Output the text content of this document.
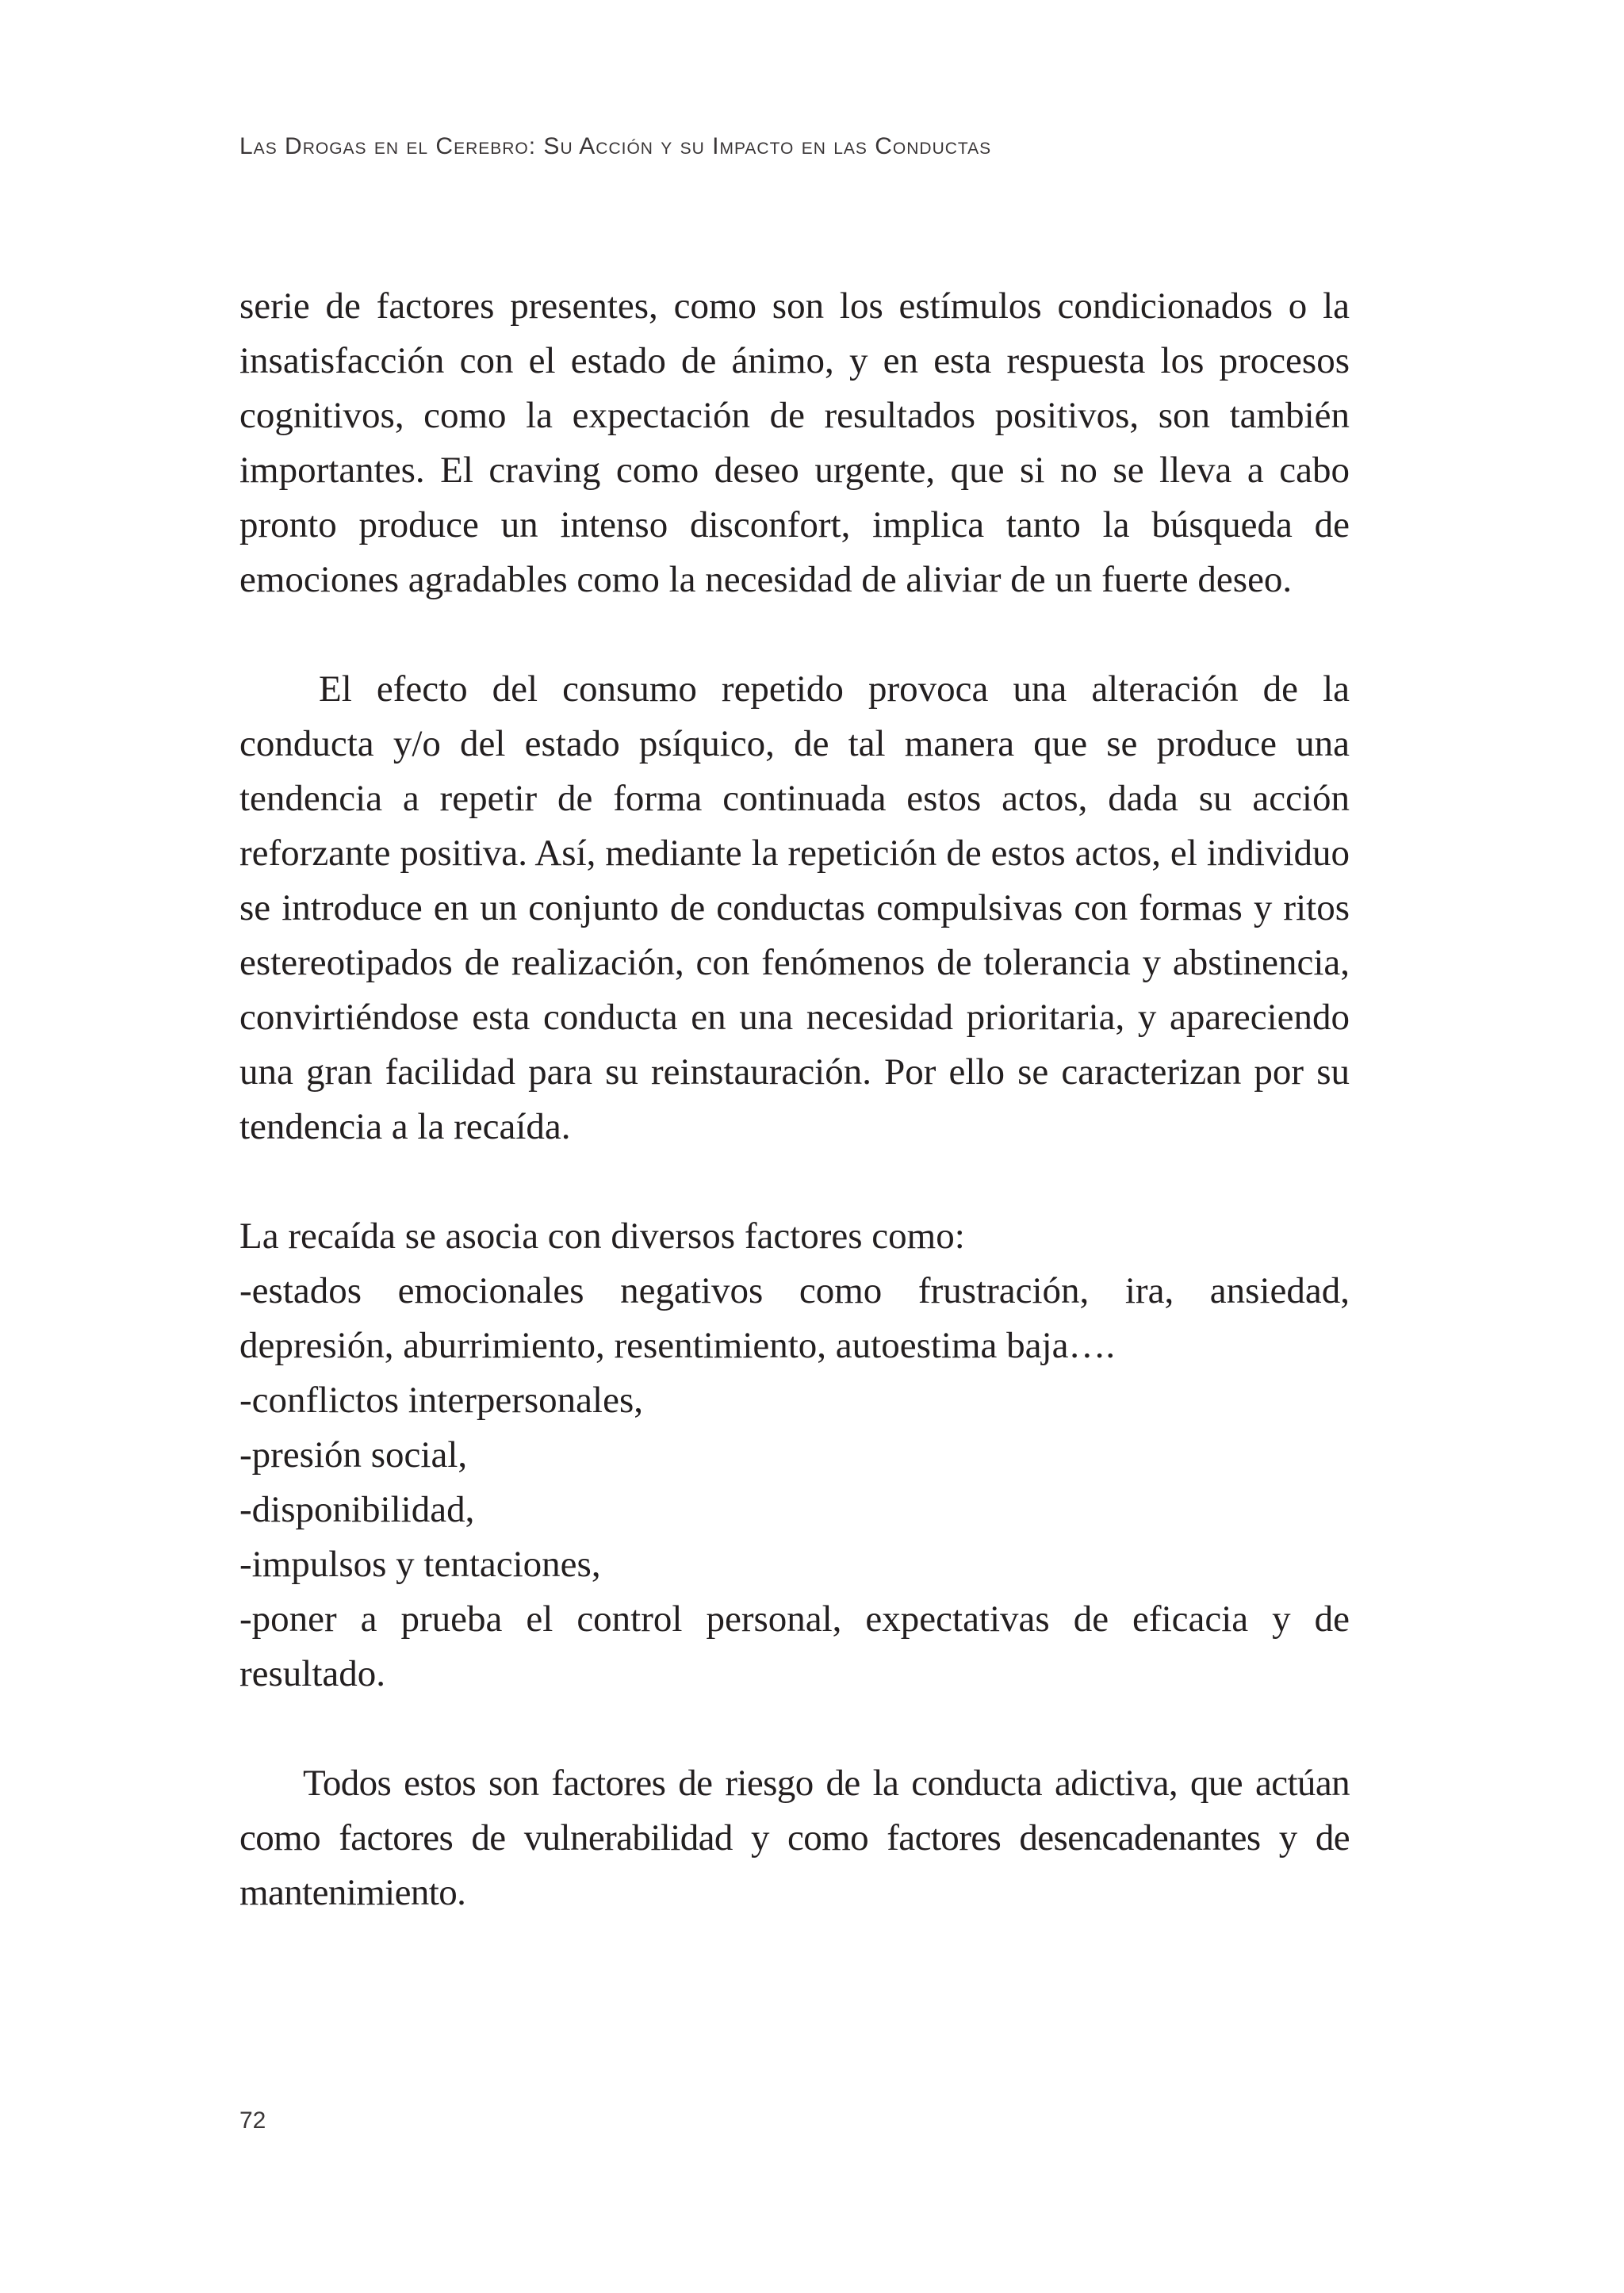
Las Drogas en el Cerebro: Su Acción y su Impacto en las Conductas

serie de factores presentes, como son los estímulos condicionados o la insatisfacción con el estado de ánimo, y en esta respuesta los procesos cognitivos, como la expectación de resultados positivos, son también importantes. El craving como deseo urgente, que si no se lleva a cabo pronto produce un intenso disconfort, implica tanto la búsqueda de emociones agradables como la necesidad de aliviar de un fuerte deseo.

El efecto del consumo repetido provoca una alteración de la conducta y/o del estado psíquico, de tal manera que se produce una tendencia a repetir de forma continuada estos actos, dada su acción reforzante positiva. Así, mediante la repetición de estos actos, el individuo se introduce en un conjunto de conductas compulsivas con formas y ritos estereotipados de realización, con fenómenos de tolerancia y abstinencia, convirtiéndose esta conducta en una necesidad prioritaria, y apareciendo una gran facilidad para su reinstauración. Por ello se caracterizan por su tendencia a la recaída.

La recaída se asocia con diversos factores como:

-estados emocionales negativos como frustración, ira, ansiedad, depresión, aburrimiento, resentimiento, autoestima baja….

-conflictos interpersonales,

-presión social,

-disponibilidad,

-impulsos y tentaciones,

-poner a prueba el control personal, expectativas de eficacia y de resultado.

Todos estos son factores de riesgo de la conducta adictiva, que actúan como factores de vulnerabilidad y como factores desencadenantes y de mantenimiento.

72
